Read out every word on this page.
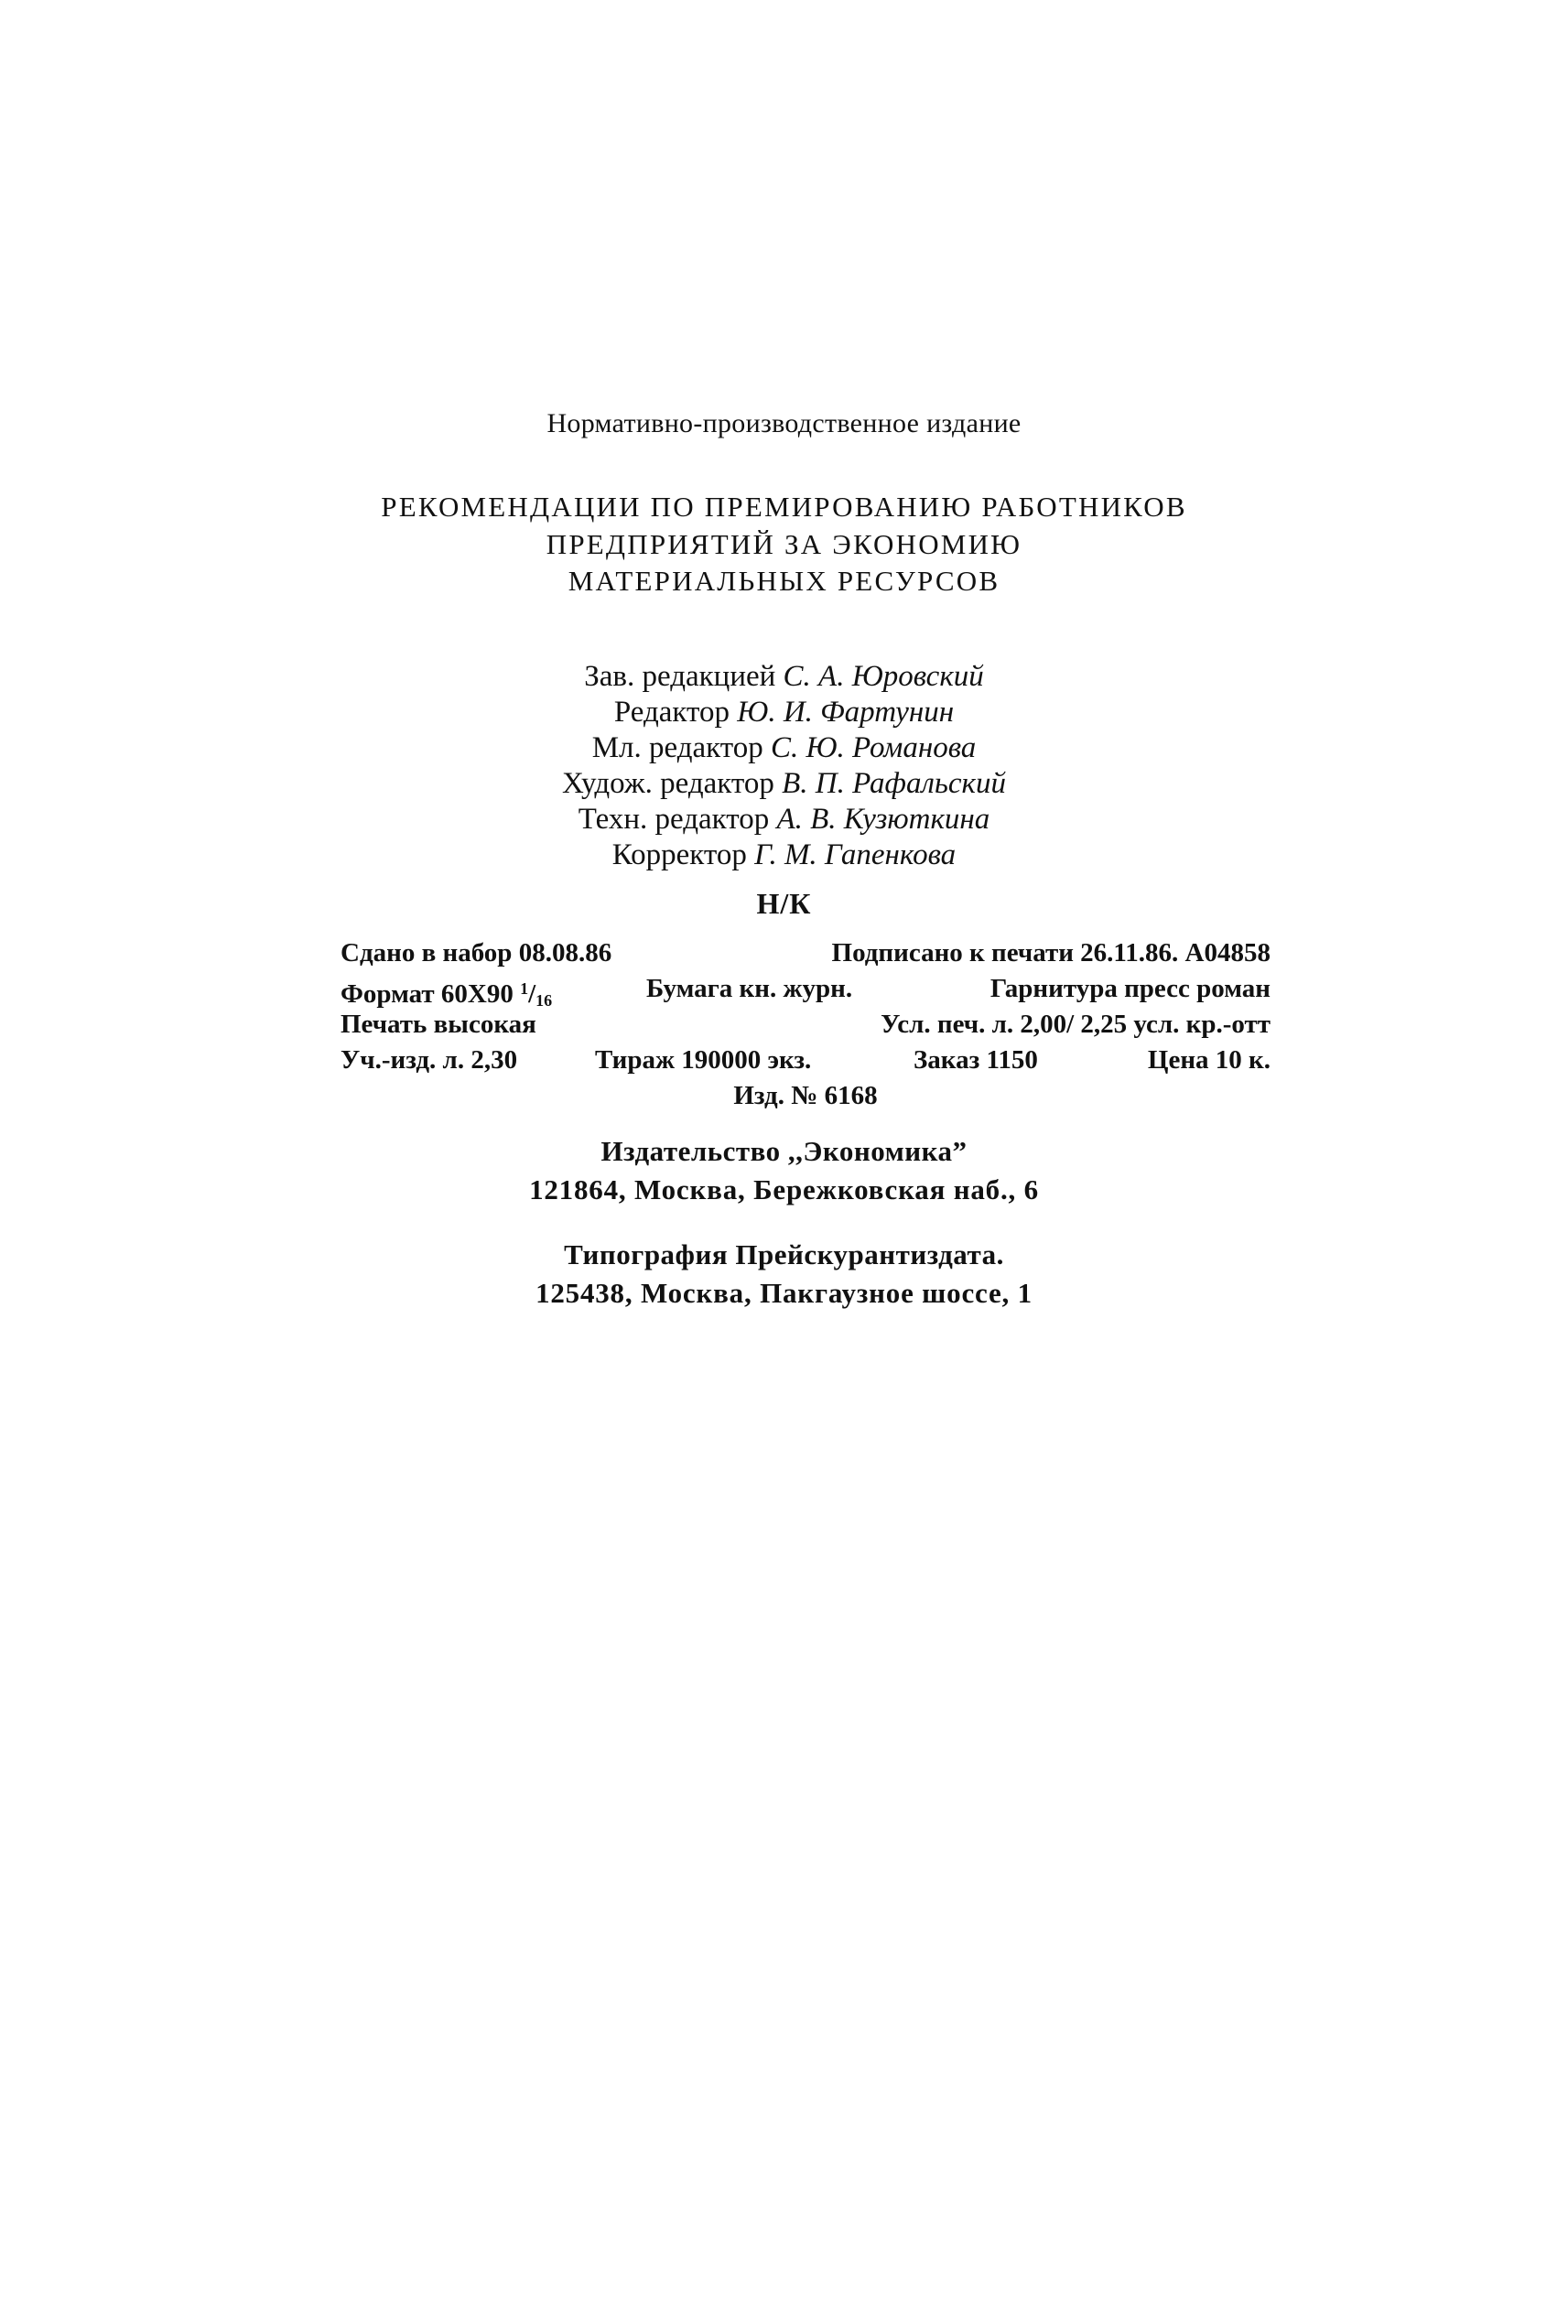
Нормативно-производственное издание
РЕКОМЕНДАЦИИ ПО ПРЕМИРОВАНИЮ РАБОТНИКОВ
ПРЕДПРИЯТИЙ ЗА ЭКОНОМИЮ
МАТЕРИАЛЬНЫХ РЕСУРСОВ
Зав. редакцией С. А. Юровский
Редактор Ю. И. Фартунин
Мл. редактор С. Ю. Романова
Худож. редактор В. П. Рафальский
Техн. редактор А. В. Кузюткина
Корректор Г. М. Гапенкова
Н/К
Сдано в набор 08.08.86	Подписано к печати 26.11.86. А04858
Формат 60Х90 $^1/_{16}$	Бумага кн. журн.	Гарнитура пресс роман
Печать высокая	Усл. печ. л. 2,00/ 2,25 усл. кр.-отт
Уч.-изд. л. 2,30	Тираж 190000 экз.	Заказ 1150	Цена 10 к.
Изд. № 6168
Издательство ,,Экономика”
121864, Москва, Бережковская наб., 6
Типография Прейскурантиздата.
125438, Москва, Пакгаузное шоссе, 1
